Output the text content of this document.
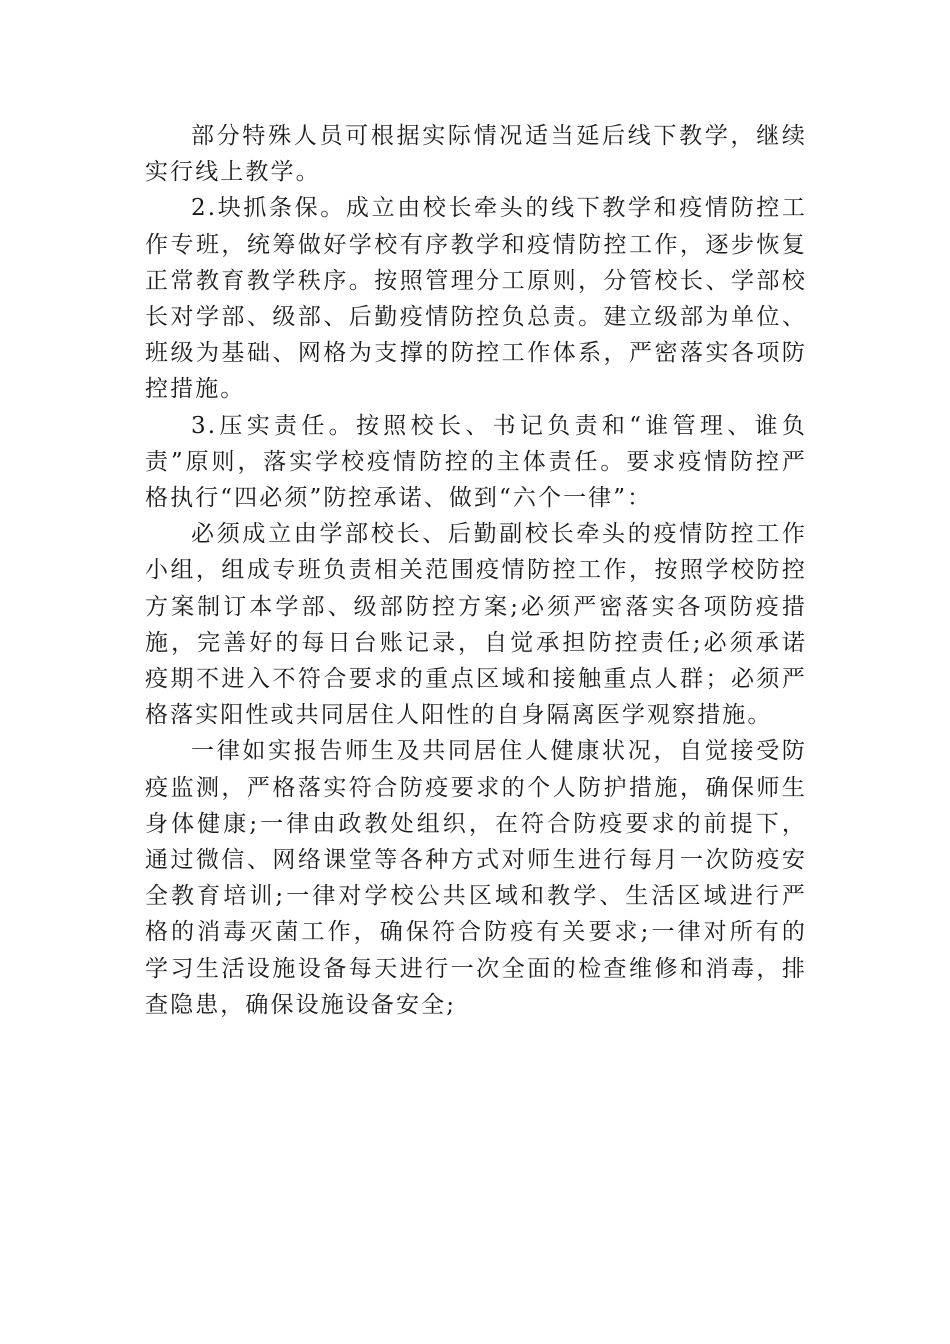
部分特殊人员可根据实际情况适当延后线下教学，继续实行线上教学。

2.块抓条保。成立由校长牵头的线下教学和疫情防控工作专班，统筹做好学校有序教学和疫情防控工作，逐步恢复正常教育教学秩序。按照管理分工原则，分管校长、学部校长对学部、级部、后勤疫情防控负总责。建立级部为单位、班级为基础、网格为支撑的防控工作体系，严密落实各项防控措施。

3.压实责任。按照校长、书记负责和“谁管理、谁负责”原则，落实学校疫情防控的主体责任。要求疫情防控严格执行“四必须”防控承诺、做到“六个一律”：

必须成立由学部校长、后勤副校长牵头的疫情防控工作小组，组成专班负责相关范围疫情防控工作，按照学校防控方案制订本学部、级部防控方案;必须严密落实各项防疫措施，完善好的每日台账记录，自觉承担防控责任;必须承诺疫期不进入不符合要求的重点区域和接触重点人群；必须严格落实阳性或共同居住人阳性的自身隔离医学观察措施。

一律如实报告师生及共同居住人健康状况，自觉接受防疫监测，严格落实符合防疫要求的个人防护措施，确保师生身体健康;一律由政教处组织，在符合防疫要求的前提下，通过微信、网络课堂等各种方式对师生进行每月一次防疫安全教育培训;一律对学校公共区域和教学、生活区域进行严格的消毒灭菌工作，确保符合防疫有关要求;一律对所有的学习生活设施设备每天进行一次全面的检查维修和消毒，排查隐患，确保设施设备安全;
